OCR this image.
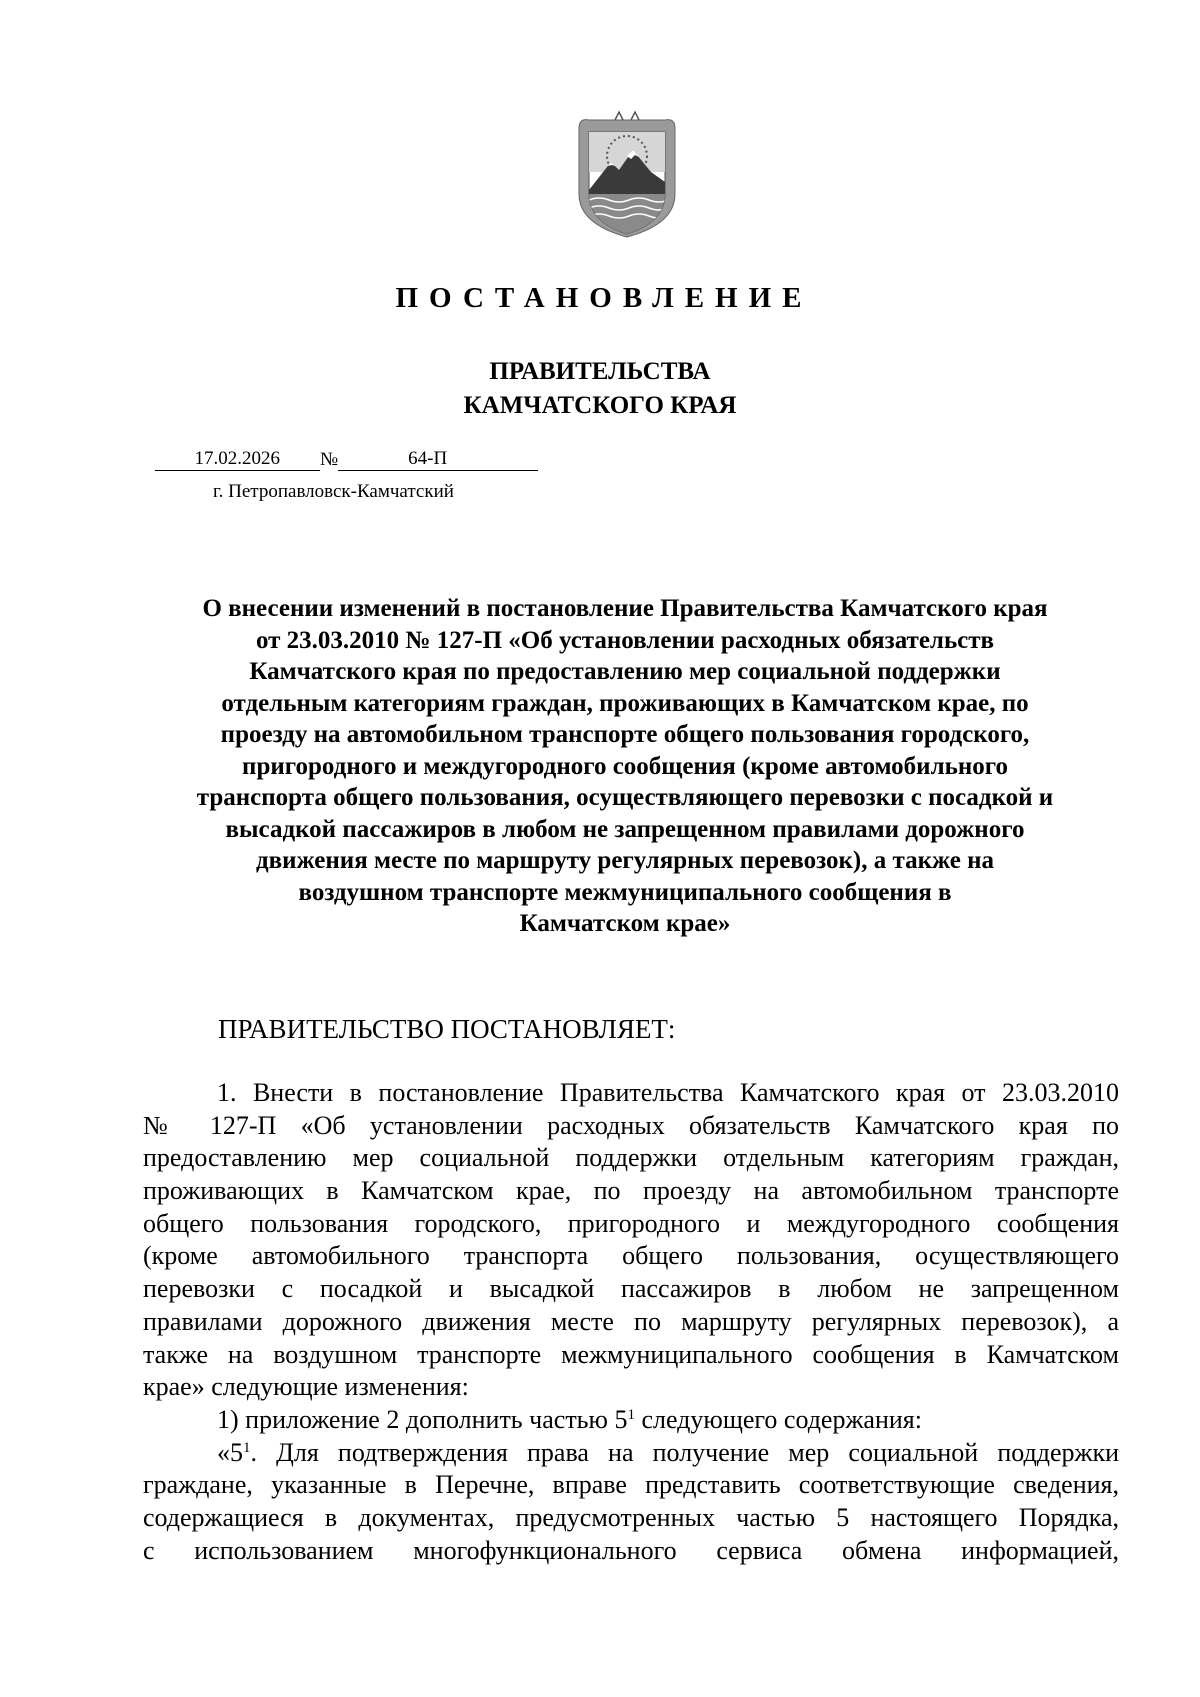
ПОСТАНОВЛЕНИЕ
ПРАВИТЕЛЬСТВА
КАМЧАТСКОГО КРАЯ
17.02.2026	№	64-П
г. Петропавловск-Камчатский
О внесении изменений в постановление Правительства Камчатского края
от 23.03.2010 № 127-П «Об установлении расходных обязательств
Камчатского края по предоставлению мер социальной поддержки
отдельным категориям граждан, проживающих в Камчатском крае, по
проезду на автомобильном транспорте общего пользования городского,
пригородного и междугородного сообщения (кроме автомобильного
транспорта общего пользования, осуществляющего перевозки с посадкой и
высадкой пассажиров в любом не запрещенном правилами дорожного
движения месте по маршруту регулярных перевозок), а также на
воздушном транспорте межмуниципального сообщения в
Камчатском крае»
ПРАВИТЕЛЬСТВО ПОСТАНОВЛЯЕТ:
1. Внести в постановление Правительства Камчатского края от 23.03.2010
№ 127-П «Об установлении расходных обязательств Камчатского края по
предоставлению мер социальной поддержки отдельным категориям граждан,
проживающих в Камчатском крае, по проезду на автомобильном транспорте
общего пользования городского, пригородного и междугородного сообщения
(кроме автомобильного транспорта общего пользования, осуществляющего
перевозки с посадкой и высадкой пассажиров в любом не запрещенном
правилами дорожного движения месте по маршруту регулярных перевозок), а
также на воздушном транспорте межмуниципального сообщения в Камчатском
крае» следующие изменения:
1) приложение 2 дополнить частью $5^1$ следующего содержания:
«$5^1$. Для подтверждения права на получение мер социальной поддержки
граждане, указанные в Перечне, вправе представить соответствующие сведения,
содержащиеся в документах, предусмотренных частью 5 настоящего Порядка,
с использованием многофункционального сервиса обмена информацией,
